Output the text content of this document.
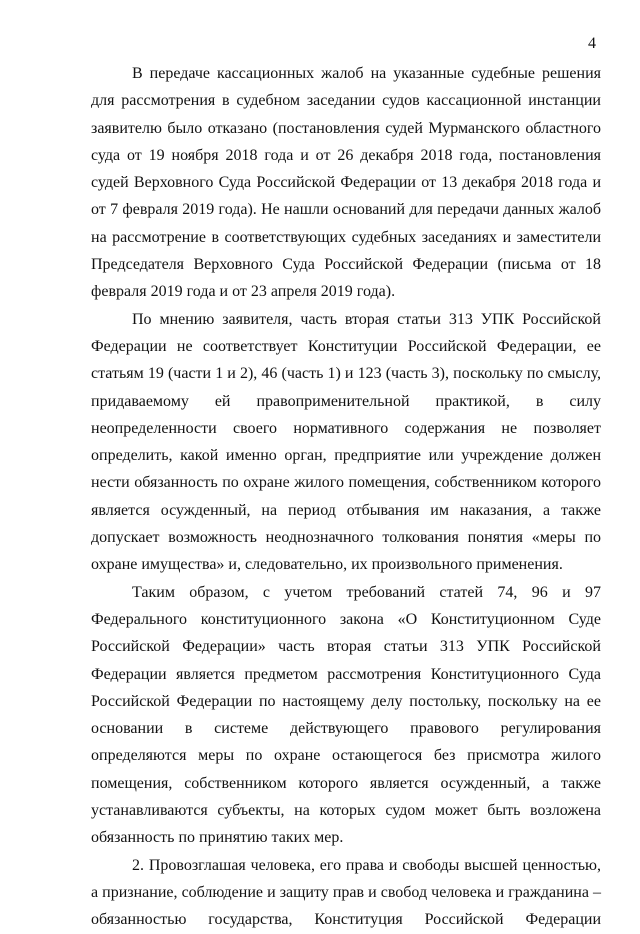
4

В передаче кассационных жалоб на указанные судебные решения для рассмотрения в судебном заседании судов кассационной инстанции заявителю было отказано (постановления судей Мурманского областного суда от 19 ноября 2018 года и от 26 декабря 2018 года, постановления судей Верховного Суда Российской Федерации от 13 декабря 2018 года и от 7 февраля 2019 года). Не нашли оснований для передачи данных жалоб на рассмотрение в соответствующих судебных заседаниях и заместители Председателя Верховного Суда Российской Федерации (письма от 18 февраля 2019 года и от 23 апреля 2019 года).

По мнению заявителя, часть вторая статьи 313 УПК Российской Федерации не соответствует Конституции Российской Федерации, ее статьям 19 (части 1 и 2), 46 (часть 1) и 123 (часть 3), поскольку по смыслу, придаваемому ей правоприменительной практикой, в силу неопределенности своего нормативного содержания не позволяет определить, какой именно орган, предприятие или учреждение должен нести обязанность по охране жилого помещения, собственником которого является осужденный, на период отбывания им наказания, а также допускает возможность неоднозначного толкования понятия «меры по охране имущества» и, следовательно, их произвольного применения.

Таким образом, с учетом требований статей 74, 96 и 97 Федерального конституционного закона «О Конституционном Суде Российской Федерации» часть вторая статьи 313 УПК Российской Федерации является предметом рассмотрения Конституционного Суда Российской Федерации по настоящему делу постольку, поскольку на ее основании в системе действующего правового регулирования определяются меры по охране остающегося без присмотра жилого помещения, собственником которого является осужденный, а также устанавливаются субъекты, на которых судом может быть возложена обязанность по принятию таких мер.

2. Провозглашая человека, его права и свободы высшей ценностью, а признание, соблюдение и защиту прав и свобод человека и гражданина – обязанностью государства, Конституция Российской Федерации
